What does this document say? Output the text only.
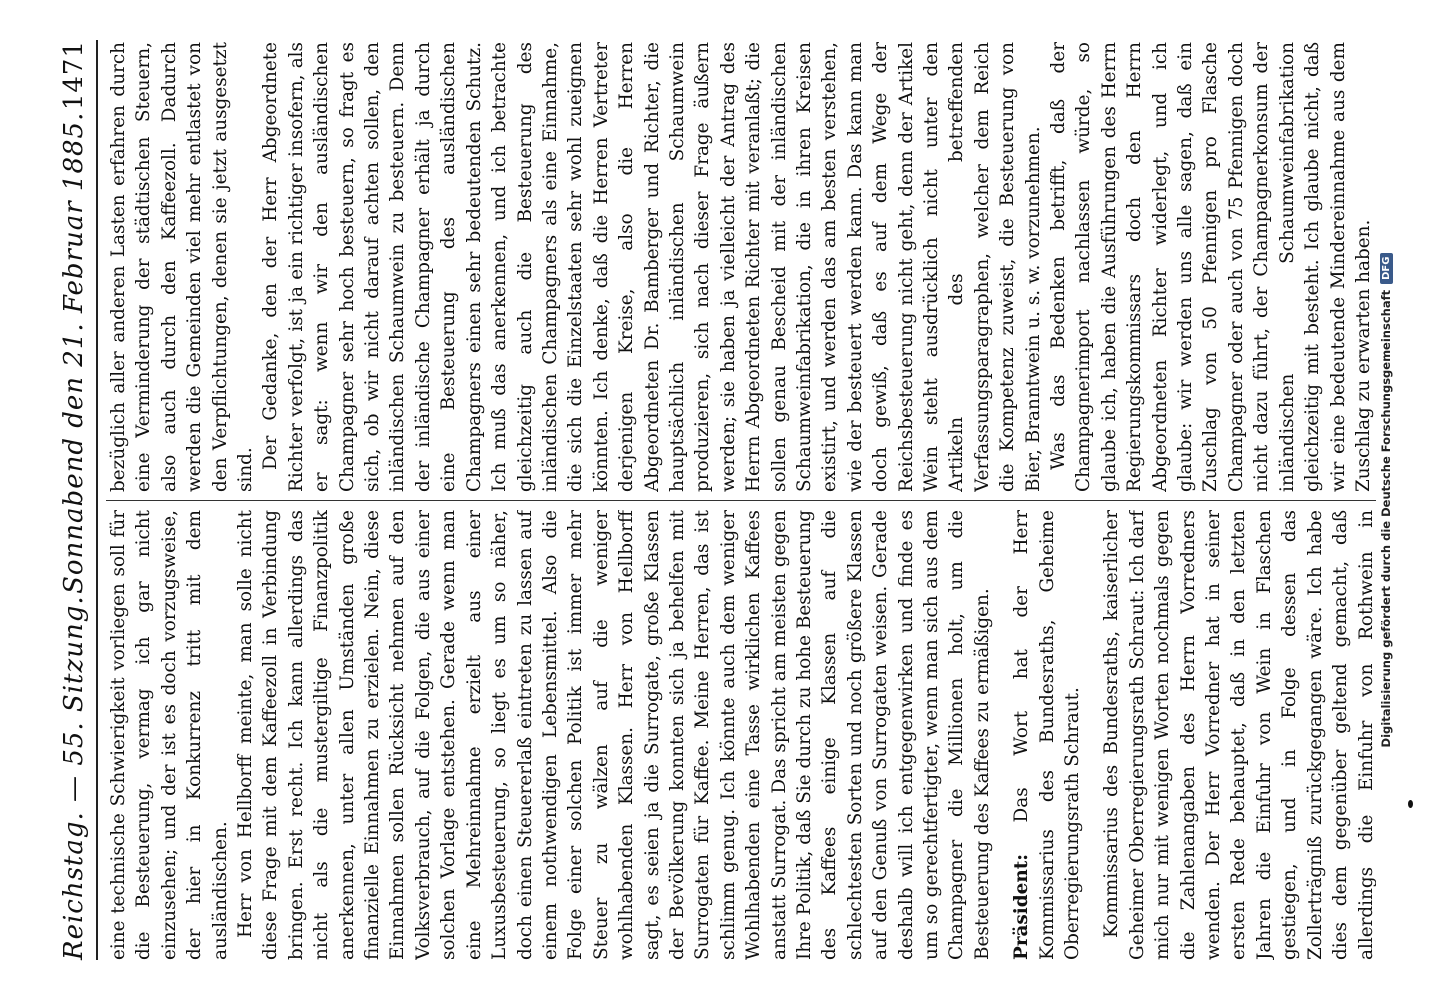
Reichstag. — 55. Sitzung.
Sonnabend den 21. Februar 1885.
1471

eine technische Schwierigkeit vorliegen soll für die Besteuerung, vermag ich gar nicht einzusehen; und der ist es doch vorzugsweise, der hier in Konkurrenz tritt mit dem ausländischen. Herr von Hellborff meinte, man solle nicht diese Frage mit dem Kaffeezoll in Verbindung bringen. Erst recht. Ich kann allerdings das nicht als die mustergiltige Finanzpolitik anerkennen, unter allen Umständen große finanzielle Einnahmen zu erzielen. Nein, diese Einnahmen sollen Rücksicht nehmen auf den Volksverbrauch, auf die Folgen, die aus einer solchen Vorlage entstehen. Gerade wenn man eine Mehreinnahme erzielt aus einer Luxusbesteuerung, so liegt es um so näher, doch einen Steuererlaß eintreten zu lassen auf einem nothwendigen Lebensmittel. Also die Folge einer solchen Politik ist immer mehr Steuer zu wälzen auf die weniger wohlhabenden Klassen. Herr von Hellborff sagt, es seien ja die Surrogate, große Klassen der Bevölkerung konnten sich ja behelfen mit Surrogaten für Kaffee. Meine Herren, das ist schlimm genug. Ich könnte auch dem weniger Wohlhabenden eine Tasse wirklichen Kaffees anstatt Surrogat. Das spricht am meisten gegen Ihre Politik, daß Sie durch zu hohe Besteuerung des Kaffees einige Klassen auf die schlechtesten Sorten und noch größere Klassen auf den Genuß von Surrogaten weisen. Gerade deshalb will ich entgegenwirken und finde es um so gerechtfertigter, wenn man sich aus dem Champagner die Millionen holt, um die Besteuerung des Kaffees zu ermäßigen. Präsident: Das Wort hat der Herr Kommissarius des Bundesraths, Geheime Oberregierungsrath Schraut. Kommissarius des Bundesraths, kaiserlicher Geheimer Oberregierungsrath Schraut: Ich darf mich nur mit wenigen Worten nochmals gegen die Zahlenangaben des Herrn Vorredners wenden. Der Herr Vorredner hat in seiner ersten Rede behauptet, daß in den letzten Jahren die Einfuhr von Wein in Flaschen gestiegen, und in Folge dessen das Zollerträgniß zurückgegangen wäre. Ich habe dies dem gegenüber geltend gemacht, daß allerdings die Einfuhr von Rothwein in

bezüglich aller anderen Lasten erfahren durch eine Verminderung der städtischen Steuern, also auch durch den Kaffeezoll. Dadurch werden die Gemeinden viel mehr entlastet von den Verpflichtungen, denen sie jetzt ausgesetzt sind. Der Gedanke, den der Herr Abgeordnete Richter verfolgt, ist ja ein richtiger insofern, als er sagt: wenn wir den ausländischen Champagner sehr hoch besteuern, so fragt es sich, ob wir nicht darauf achten sollen, den inländischen Schaumwein zu besteuern. Denn der inländische Champagner erhält ja durch eine Besteuerung des ausländischen Champagners einen sehr bedeutenden Schutz. Ich muß das anerkennen, und ich betrachte gleichzeitig auch die Besteuerung des inländischen Champagners als eine Einnahme, die sich die Einzelstaaten sehr wohl zueignen könnten. Ich denke, daß die Herren Vertreter derjenigen Kreise, also die Herren Abgeordneten Dr. Bamberger und Richter, die hauptsächlich inländischen Schaumwein produzieren, sich nach dieser Frage äußern werden; sie haben ja vielleicht der Antrag des Herrn Abgeordneten Richter mit veranlaßt; die sollen genau Bescheid mit der inländischen Schaumweinfabrikation, die in ihren Kreisen existirt, und werden das am besten verstehen, wie der besteuert werden kann. Das kann man doch gewiß, daß es auf dem Wege der Reichsbesteuerung nicht geht, denn der Artikel Wein steht ausdrücklich nicht unter den Artikeln des betreffenden Verfassungsparagraphen, welcher dem Reich die Kompetenz zuweist, die Besteuerung von Bier, Branntwein u. s. w. vorzunehmen. Was das Bedenken betrifft, daß der Champagnerimport nachlassen würde, so glaube ich, haben die Ausführungen des Herrn Regierungskommissars doch den Herrn Abgeordneten Richter widerlegt, und ich glaube: wir werden uns alle sagen, daß ein Zuschlag von 50 Pfennigen pro Flasche Champagner oder auch von 75 Pfennigen doch nicht dazu führt, der Champagnerkonsum der inländischen Schaumweinfabrikation gleichzeitig mit besteht. Ich glaube nicht, daß wir eine bedeutende Mindereinnahme aus dem Zuschlag zu erwarten haben. Digitalisierung gefördert durch die Deutsche Forschungsgemeinschaft
DFG
